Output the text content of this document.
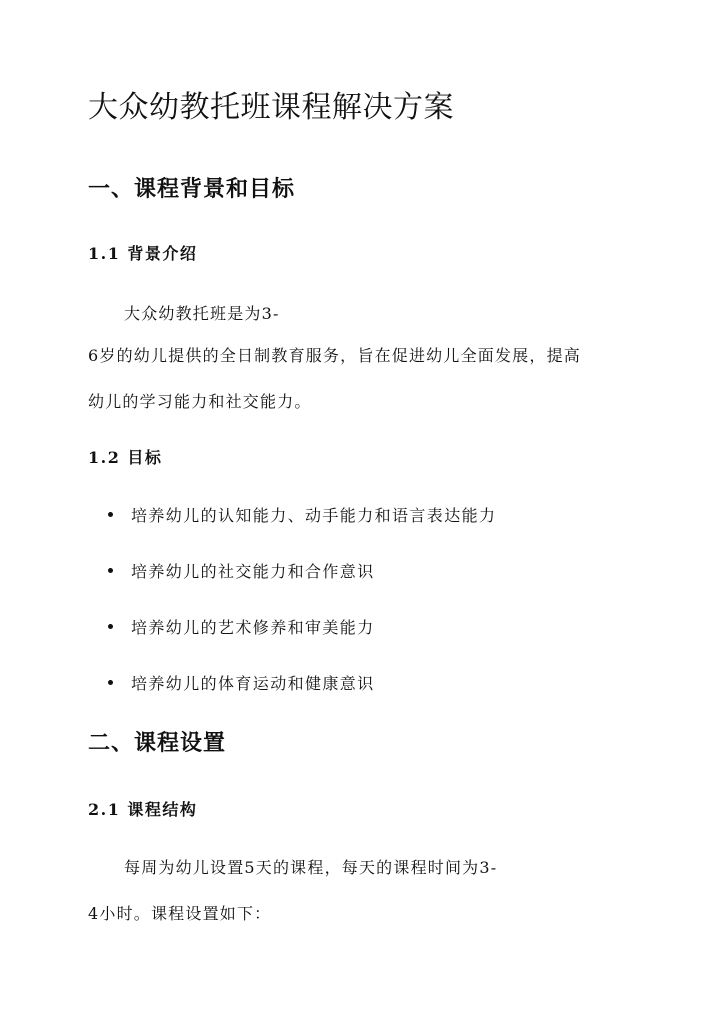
大众幼教托班课程解决方案
一、课程背景和目标
1.1 背景介绍

大众幼教托班是为3-

6岁的幼儿提供的全日制教育服务，旨在促进幼儿全面发展，提高

幼儿的学习能力和社交能力。

1.2 目标
培养幼儿的认知能力、动手能力和语言表达能力
培养幼儿的社交能力和合作意识
培养幼儿的艺术修养和审美能力
培养幼儿的体育运动和健康意识
二、课程设置
2.1 课程结构

每周为幼儿设置5天的课程，每天的课程时间为3-

4小时。课程设置如下：
